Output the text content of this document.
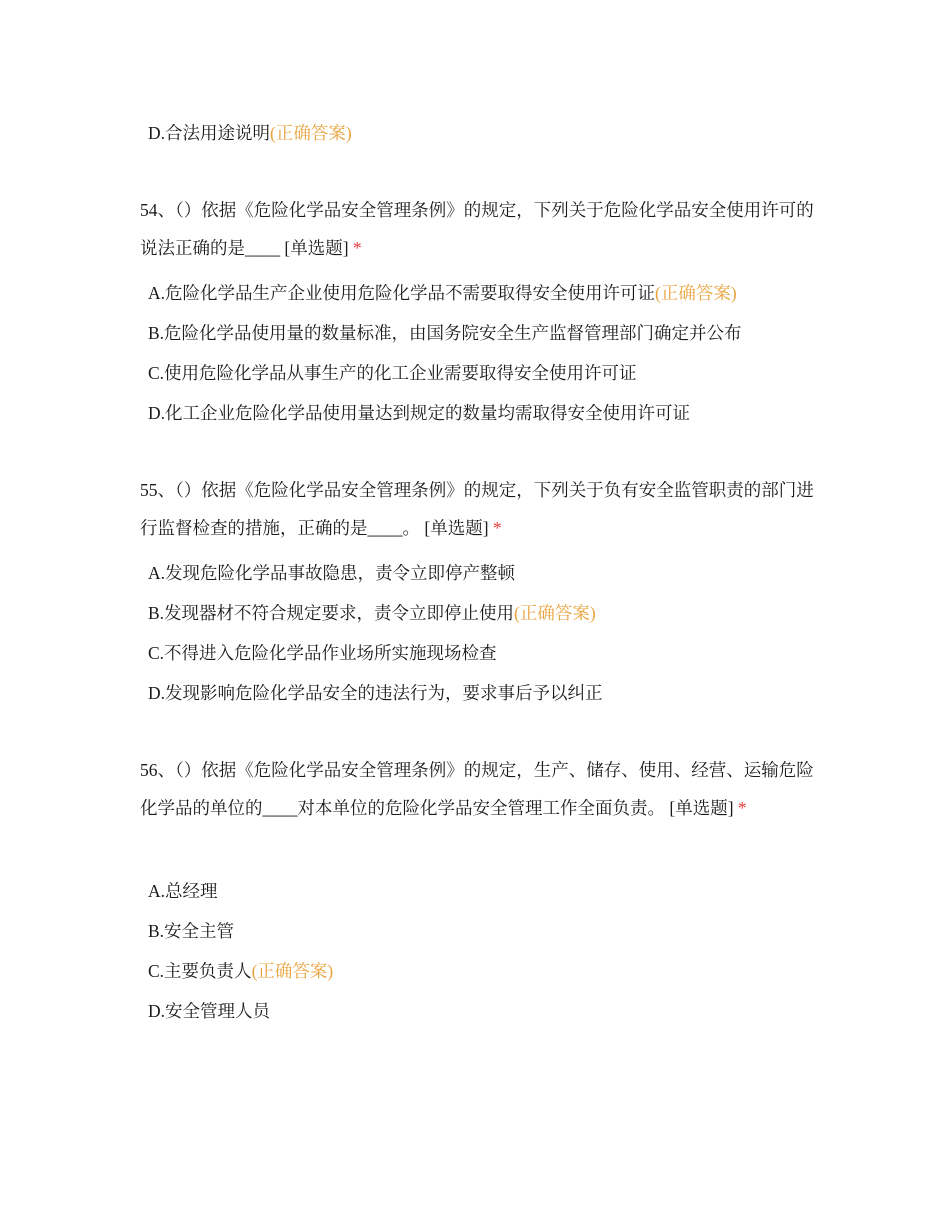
D.合法用途说明(正确答案)
54、（）依据《危险化学品安全管理条例》的规定，下列关于危险化学品安全使用许可的说法正确的是____ [单选题] *
A.危险化学品生产企业使用危险化学品不需要取得安全使用许可证(正确答案)
B.危险化学品使用量的数量标准，由国务院安全生产监督管理部门确定并公布
C.使用危险化学品从事生产的化工企业需要取得安全使用许可证
D.化工企业危险化学品使用量达到规定的数量均需取得安全使用许可证
55、（）依据《危险化学品安全管理条例》的规定，下列关于负有安全监管职责的部门进行监督检查的措施，正确的是____。 [单选题] *
A.发现危险化学品事故隐患，责令立即停产整顿
B.发现器材不符合规定要求，责令立即停止使用(正确答案)
C.不得进入危险化学品作业场所实施现场检查
D.发现影响危险化学品安全的违法行为，要求事后予以纠正
56、（）依据《危险化学品安全管理条例》的规定，生产、储存、使用、经营、运输危险化学品的单位的____对本单位的危险化学品安全管理工作全面负责。 [单选题] *
A.总经理
B.安全主管
C.主要负责人(正确答案)
D.安全管理人员
